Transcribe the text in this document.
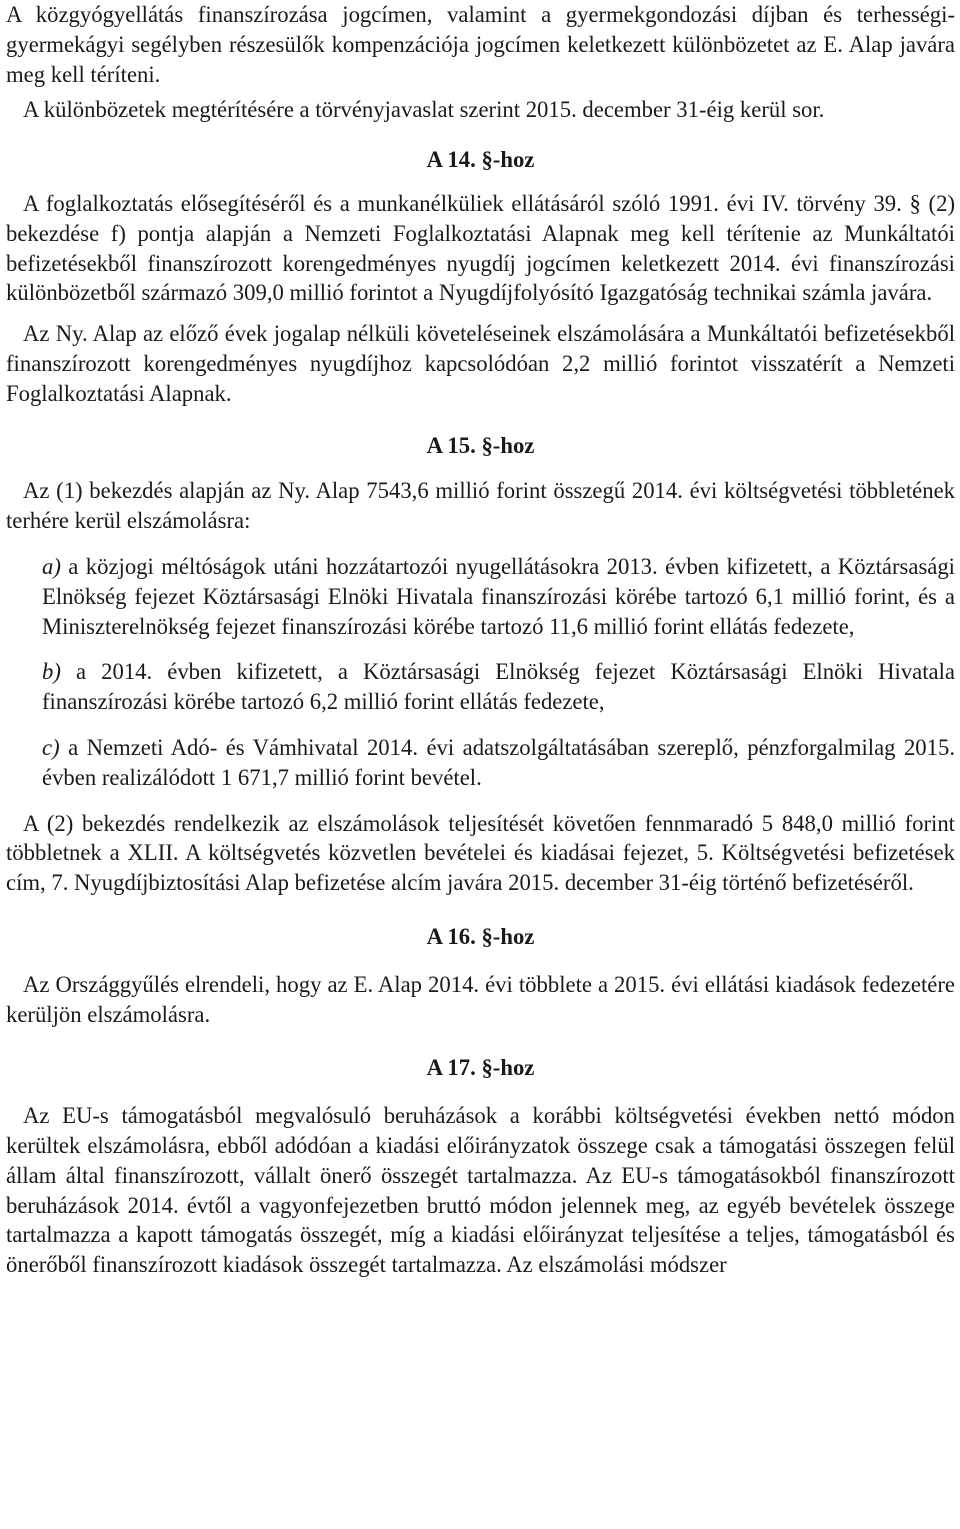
A közgyógyellátás finanszírozása jogcímen, valamint a gyermekgondozási díjban és terhességi-gyermekágyi segélyben részesülők kompenzációja jogcímen keletkezett különbözetet az E. Alap javára meg kell téríteni.

A különbözetek megtérítésére a törvényjavaslat szerint 2015. december 31-éig kerül sor.

A 14. §-hoz

A foglalkoztatás elősegítéséről és a munkanélküliek ellátásáról szóló 1991. évi IV. törvény 39. § (2) bekezdése f) pontja alapján a Nemzeti Foglalkoztatási Alapnak meg kell térítenie az Munkáltatói befizetésekből finanszírozott korengedményes nyugdíj jogcímen keletkezett 2014. évi finanszírozási különbözetből származó 309,0 millió forintot a Nyugdíjfolyósító Igazgatóság technikai számla javára.

Az Ny. Alap az előző évek jogalap nélküli követeléseinek elszámolására a Munkáltatói befizetésekből finanszírozott korengedményes nyugdíjhoz kapcsolódóan 2,2 millió forintot visszatérít a Nemzeti Foglalkoztatási Alapnak.

A 15. §-hoz

Az (1) bekezdés alapján az Ny. Alap 7543,6 millió forint összegű 2014. évi költségvetési többletének terhére kerül elszámolásra:

a) a közjogi méltóságok utáni hozzátartozói nyugellátásokra 2013. évben kifizetett, a Köztársasági Elnökség fejezet Köztársasági Elnöki Hivatala finanszírozási körébe tartozó 6,1 millió forint, és a Miniszterelnökség fejezet finanszírozási körébe tartozó 11,6 millió forint ellátás fedezete,

b) a 2014. évben kifizetett, a Köztársasági Elnökség fejezet Köztársasági Elnöki Hivatala finanszírozási körébe tartozó 6,2 millió forint ellátás fedezete,

c) a Nemzeti Adó- és Vámhivatal 2014. évi adatszolgáltatásában szereplő, pénzforgalmilag 2015. évben realizálódott 1 671,7 millió forint bevétel.

A (2) bekezdés rendelkezik az elszámolások teljesítését követően fennmaradó 5 848,0 millió forint többletnek a XLII. A költségvetés közvetlen bevételei és kiadásai fejezet, 5. Költségvetési befizetések cím, 7. Nyugdíjbiztosítási Alap befizetése alcím javára 2015. december 31-éig történő befizetéséről.

A 16. §-hoz

Az Országgyűlés elrendeli, hogy az E. Alap 2014. évi többlete a 2015. évi ellátási kiadások fedezetére kerüljön elszámolásra.

A 17. §-hoz

Az EU-s támogatásból megvalósuló beruházások a korábbi költségvetési években nettó módon kerültek elszámolásra, ebből adódóan a kiadási előirányzatok összege csak a támogatási összegen felül állam által finanszírozott, vállalt önerő összegét tartalmazza. Az EU-s támogatásokból finanszírozott beruházások 2014. évtől a vagyonfejezetben bruttó módon jelennek meg, az egyéb bevételek összege tartalmazza a kapott támogatás összegét, míg a kiadási előirányzat teljesítése a teljes, támogatásból és önerőből finanszírozott kiadások összegét tartalmazza. Az elszámolási módszer
